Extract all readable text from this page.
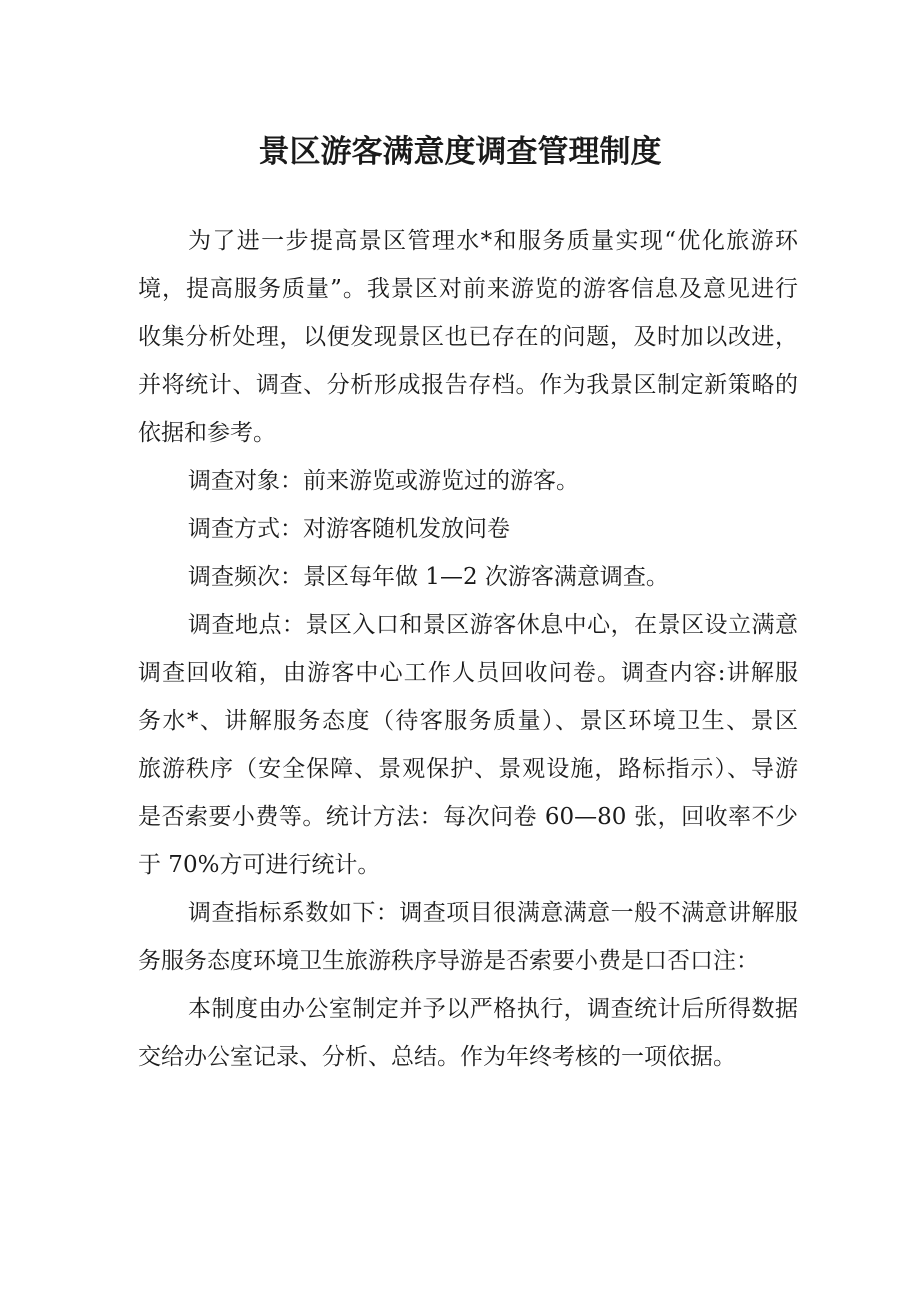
景区游客满意度调查管理制度
为了进一步提高景区管理水*和服务质量实现“优化旅游环
境，提高服务质量”。我景区对前来游览的游客信息及意见进行
收集分析处理，以便发现景区也已存在的问题，及时加以改进，
并将统计、调查、分析形成报告存档。作为我景区制定新策略的
依据和参考。
调查对象：前来游览或游览过的游客。
调查方式：对游客随机发放问卷
调查频次：景区每年做 1—2 次游客满意调查。
调查地点：景区入口和景区游客休息中心，在景区设立满意
调查回收箱，由游客中心工作人员回收问卷。调查内容:讲解服
务水*、讲解服务态度（待客服务质量）、景区环境卫生、景区
旅游秩序（安全保障、景观保护、景观设施，路标指示）、导游
是否索要小费等。统计方法：每次问卷 60—80 张，回收率不少
于 70%方可进行统计。
调查指标系数如下：调查项目很满意满意一般不满意讲解服
务服务态度环境卫生旅游秩序导游是否索要小费是口否口注：
本制度由办公室制定并予以严格执行，调查统计后所得数据
交给办公室记录、分析、总结。作为年终考核的一项依据。
